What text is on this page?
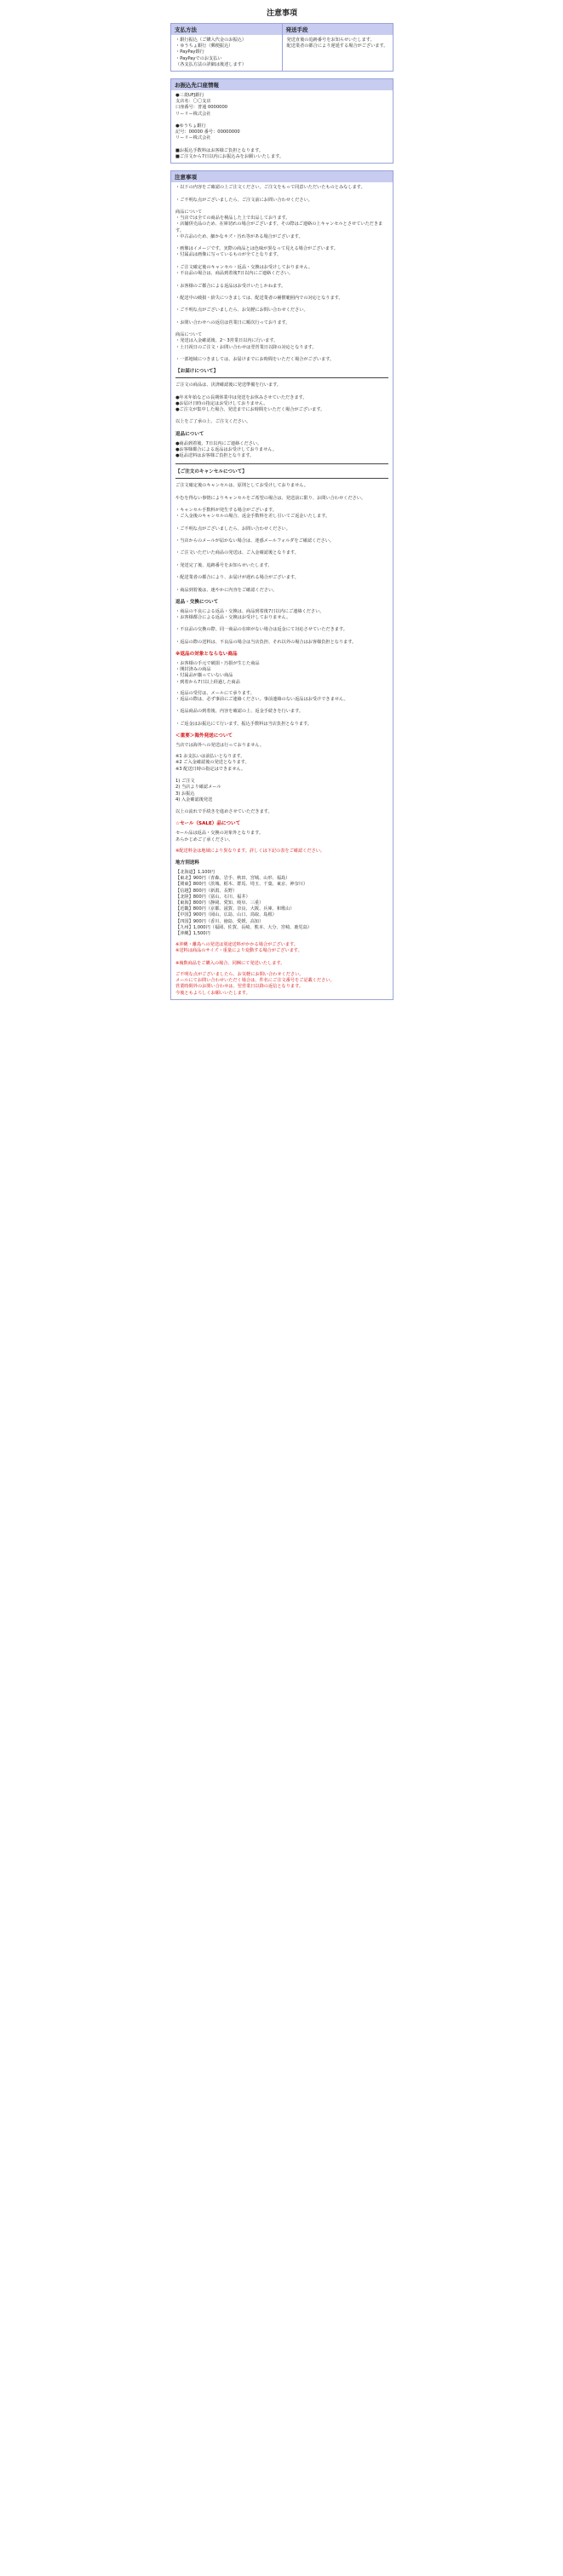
注意事項
支払方法
・銀行振込（ご購入代金のお振込）
・ゆうちょ銀行（郵便振込）
・PayPay銀行
・PayPayでのお支払い
（各支払方法の詳細は後述します）
発送手段
発送直後の追跡番号をお知らせいたします。
配送業者の都合により遅延する場合がございます。
お振込先口座情報
●三菱UFJ銀行
支店名：〇〇支店
口座番号：普通 0000000
リーリー株式会社

●ゆうちょ銀行
記号：00000 番号：00000000
リーリー株式会社

■お振込手数料はお客様ご負担となります。
■ご注文から7日以内にお振込みをお願いいたします。
注意事項
・以下の内容をご確認の上ご注文ください。ご注文をもって同意いただいたものとみなします。

・ご不明な点がございましたら、ご注文前にお問い合わせください。

商品について
・当店では全ての商品を検品した上で出品しております。
・店舗併売品のため、在庫切れの場合がございます。その際はご連絡の上キャンセルとさせていただきます。
・中古品のため、細かなキズ・汚れ等がある場合がございます。

・画像はイメージです。実際の商品とは色味が異なって見える場合がございます。
・付属品は画像に写っているものが全てとなります。

・ご注文確定後のキャンセル・返品・交換はお受けしておりません。
・不良品の場合は、商品到着後7日以内にご連絡ください。

・お客様のご都合による返品はお受けいたしかねます。

・配送中の破損・紛失につきましては、配送業者の補償範囲内での対応となります。

・ご不明な点がございましたら、お気軽にお問い合わせください。

・お問い合わせへの返信は営業日に順次行っております。

商品について
・発送は入金確認後、2〜3営業日以内に行います。
・土日祝日のご注文・お問い合わせは翌営業日以降の対応となります。

・一部地域につきましては、お届けまでにお時間をいただく場合がございます。
【お届けについて】
ご注文の商品は、決済確認後に発送準備を行います。

●年末年始などの長期休業中は発送をお休みさせていただきます。
●お届け日時の指定はお受けしておりません。
●ご注文が集中した場合、発送までにお時間をいただく場合がございます。

以上をご了承の上、ご注文ください。
返品について
●商品到着後、7日以内にご連絡ください。
●お客様都合による返品はお受けしておりません。
●返品送料はお客様ご負担となります。
【ご注文のキャンセルについて】
ご注文確定後のキャンセルは、原則としてお受けしておりません。

やむを得ない事情によりキャンセルをご希望の場合は、発送前に限り、お問い合わせください。

・キャンセル手数料が発生する場合がございます。
・ご入金後のキャンセルの場合、返金手数料を差し引いてご返金いたします。

・ご不明な点がございましたら、お問い合わせください。

・当店からのメールが届かない場合は、迷惑メールフォルダをご確認ください。

・ご注文いただいた商品の発送は、ご入金確認後となります。

・発送完了後、追跡番号をお知らせいたします。

・配送業者の都合により、お届けが遅れる場合がございます。

・商品到着後は、速やかに内容をご確認ください。
返品・交換について
・商品の不良による返品・交換は、商品到着後7日以内にご連絡ください。
・お客様都合による返品・交換はお受けしておりません。

・不良品の交換の際、同一商品の在庫がない場合は返金にて対応させていただきます。

・返品の際の送料は、不良品の場合は当店負担、それ以外の場合はお客様負担となります。
※返品の対象とならない商品
・お客様の手元で破損・汚損が生じた商品
・開封済みの商品
・付属品が揃っていない商品
・到着から7日以上経過した商品
・返品の受付は、メールにて承ります。
・返品の際は、必ず事前にご連絡ください。事前連絡のない返品はお受けできません。

・返品商品の到着後、内容を確認の上、返金手続きを行います。

・ご返金はお振込にて行います。振込手数料は当店負担となります。
＜重要＞海外発送について
当店では海外への発送は行っておりません。
※1 お支払いは前払いとなります。
※2 ご入金確認後の発送となります。
※3 配送日時の指定はできません。

1) ご注文
2) 当店より確認メール
3) お振込
4) 入金確認後発送

以上の流れで手続きを進めさせていただきます。
☆セール（SALE）品について
セール品は返品・交換の対象外となります。
あらかじめご了承ください。
※配送料金は地域により異なります。詳しくは下記の表をご確認ください。
地方別送料
【北海道】1,100円
【東北】900円（青森、岩手、秋田、宮城、山形、福島）
【関東】800円（茨城、栃木、群馬、埼玉、千葉、東京、神奈川）
【信越】800円（新潟、長野）
【北陸】800円（富山、石川、福井）
【東海】800円（静岡、愛知、岐阜、三重）
【近畿】800円（京都、滋賀、奈良、大阪、兵庫、和歌山）
【中国】900円（岡山、広島、山口、鳥取、島根）
【四国】900円（香川、徳島、愛媛、高知）
【九州】1,000円（福岡、佐賀、長崎、熊本、大分、宮崎、鹿児島）
【沖縄】1,500円
※沖縄・離島への発送は別途送料がかかる場合がございます。
※送料は商品のサイズ・重量により変動する場合がございます。

※複数商品をご購入の場合、同梱にて発送いたします。
ご不明な点がございましたら、お気軽にお問い合わせください。
メールにてお問い合わせいただく場合は、件名にご注文番号をご記載ください。
営業時間外のお問い合わせは、翌営業日以降の返信となります。
今後ともよろしくお願いいたします。
